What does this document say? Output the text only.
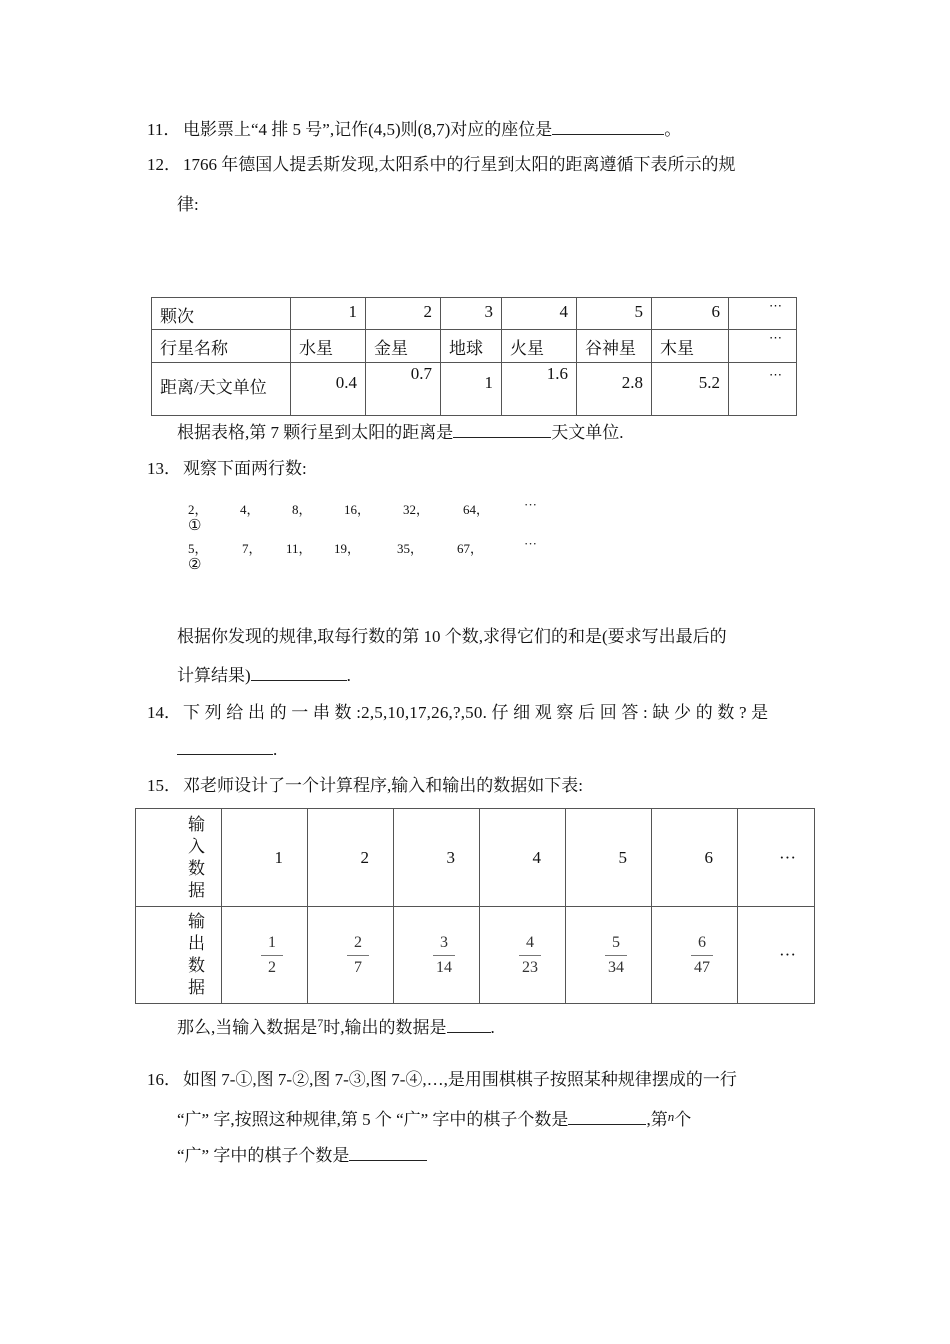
11． 电影票上“4 排 5 号”,记作(4,5)则(8,7)对应的座位是	。
12． 1766 年德国人提丢斯发现,太阳系中的行星到太阳的距离遵循下表所示的规
律:
颗次	1	2	3	4	5	6	⋯
行星名称	水星	金星	地球	火星	谷神星	木星	⋯
距离/天文单位	0.4	0.7	1	1.6	2.8	5.2	⋯
根据表格,第 7 颗行星到太阳的距离是	天文单位.
13． 观察下面两行数:
2， 4， 8， 16，	32，	64，	···
①
5，	7， 11， 19，	35，	67，	···
②
根据你发现的规律,取每行数的第 10 个数,求得它们的和是(要求写出最后的
计算结果)	.
14． 下 列 给 出 的 一 串 数 :2,5,10,17,26,?,50. 仔 细 观 察 后 回 答 : 缺 少 的 数 ? 是
.
15． 邓老师设计了一个计算程序,输入和输出的数据如下表:
输
入
数
据	1	2	3	4	5	6	···
输
出
数
据	$\frac{1}{2}$	$\frac{2}{7}$	$\frac{3}{14}$	$\frac{4}{23}$	$\frac{5}{34}$	$\frac{6}{47}$	···
那么,当输入数据是$^7$时,输出的数据是	.
16． 如图 7-①,图 7-②,图 7-③,图 7-④,…,是用围棋棋子按照某种规律摆成的一行
“广” 字,按照这种规律,第 5 个 “广” 字中的棋子个数是	,第$^n$个
“广” 字中的棋子个数是
